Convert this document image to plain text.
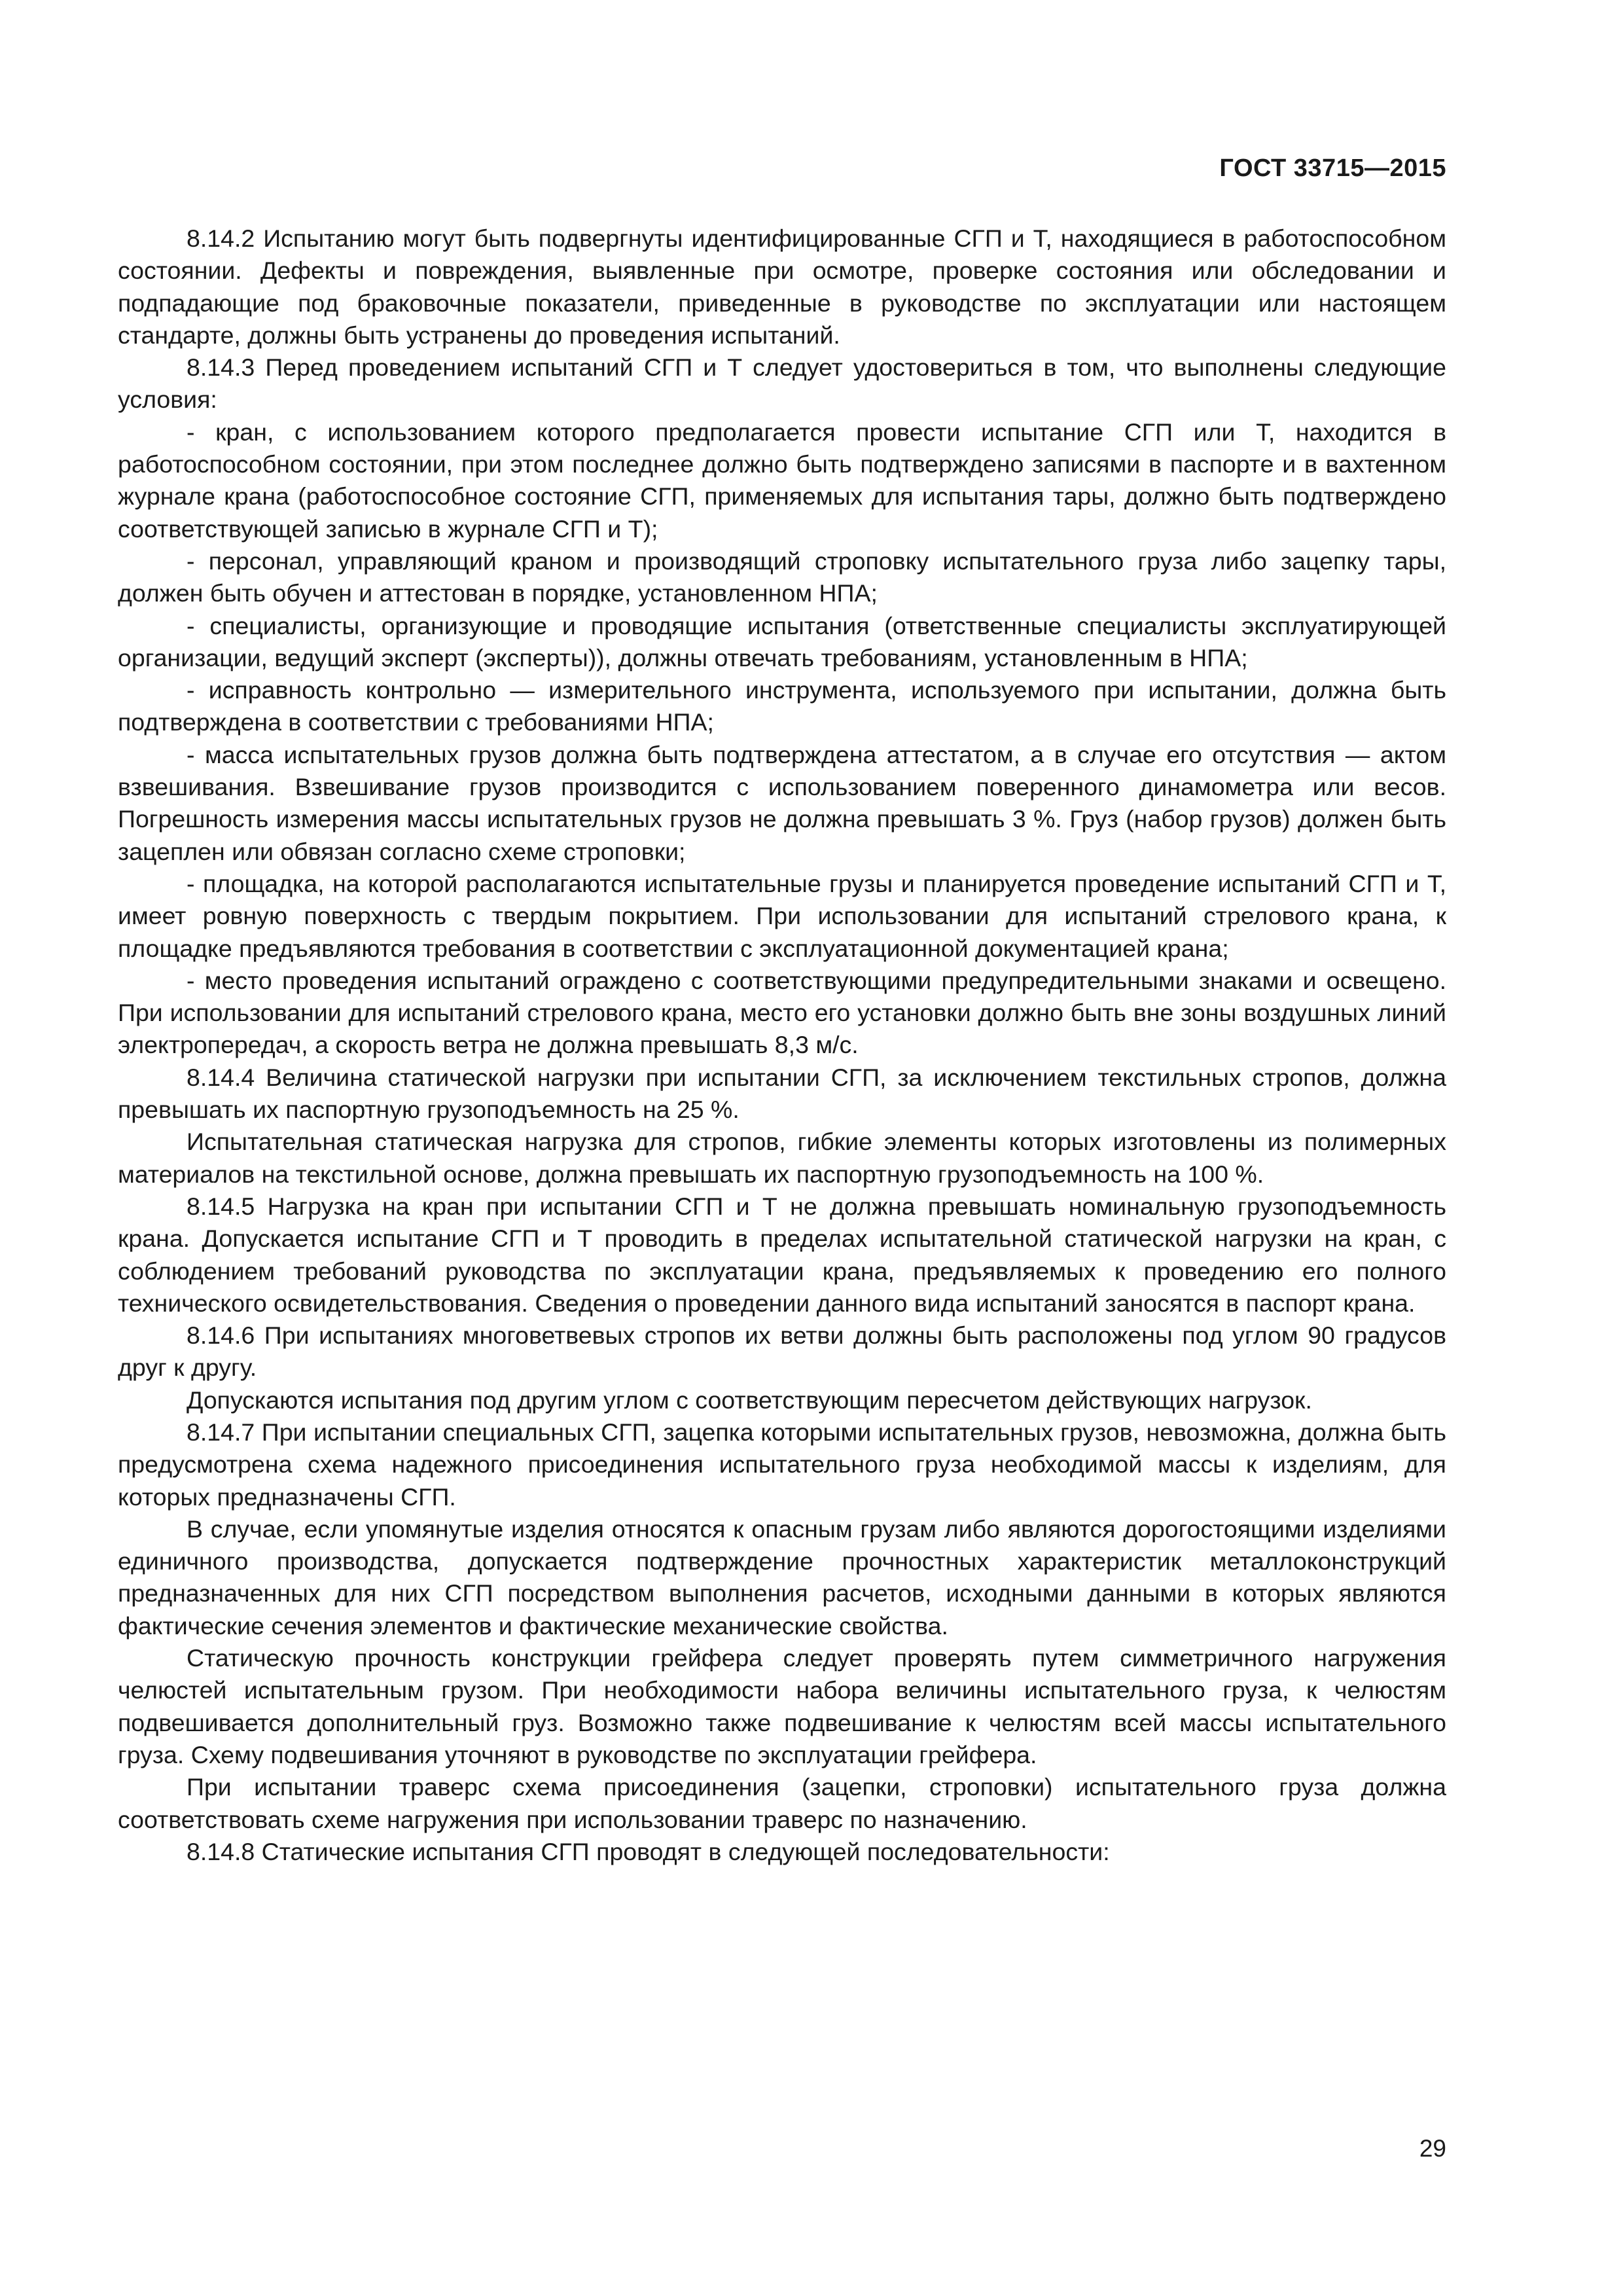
ГОСТ 33715—2015

8.14.2 Испытанию могут быть подвергнуты идентифицированные СГП и Т, находящиеся в работоспособном состоянии. Дефекты и повреждения, выявленные при осмотре, проверке состояния или обследовании и подпадающие под браковочные показатели, приведенные в руководстве по эксплуатации или настоящем стандарте, должны быть устранены до проведения испытаний.

8.14.3 Перед проведением испытаний СГП и Т следует удостовериться в том, что выполнены следующие условия:

- кран, с использованием которого предполагается провести испытание СГП или Т, находится в работоспособном состоянии, при этом последнее должно быть подтверждено записями в паспорте и в вахтенном журнале крана (работоспособное состояние СГП, применяемых для испытания тары, должно быть подтверждено соответствующей записью в журнале СГП и Т);

- персонал, управляющий краном и производящий строповку испытательного груза либо зацепку тары, должен быть обучен и аттестован в порядке, установленном НПА;

- специалисты, организующие и проводящие испытания (ответственные специалисты эксплуатирующей организации, ведущий эксперт (эксперты)), должны отвечать требованиям, установленным в НПА;

- исправность контрольно — измерительного инструмента, используемого при испытании, должна быть подтверждена в соответствии с требованиями НПА;

- масса испытательных грузов должна быть подтверждена аттестатом, а в случае его отсутствия — актом взвешивания. Взвешивание грузов производится с использованием поверенного динамометра или весов. Погрешность измерения массы испытательных грузов не должна превышать 3 %. Груз (набор грузов) должен быть зацеплен или обвязан согласно схеме строповки;

- площадка, на которой располагаются испытательные грузы и планируется проведение испытаний СГП и Т, имеет ровную поверхность с твердым покрытием. При использовании для испытаний стрелового крана, к площадке предъявляются требования в соответствии с эксплуатационной документацией крана;

- место проведения испытаний ограждено с соответствующими предупредительными знаками и освещено. При использовании для испытаний стрелового крана, место его установки должно быть вне зоны воздушных линий электропередач, а скорость ветра не должна превышать 8,3 м/с.

8.14.4 Величина статической нагрузки при испытании СГП, за исключением текстильных стропов, должна превышать их паспортную грузоподъемность на 25 %.

Испытательная статическая нагрузка для стропов, гибкие элементы которых изготовлены из полимерных материалов на текстильной основе, должна превышать их паспортную грузоподъемность на 100 %.

8.14.5 Нагрузка на кран при испытании СГП и Т не должна превышать номинальную грузоподъемность крана. Допускается испытание СГП и Т проводить в пределах испытательной статической нагрузки на кран, с соблюдением требований руководства по эксплуатации крана, предъявляемых к проведению его полного технического освидетельствования. Сведения о проведении данного вида испытаний заносятся в паспорт крана.

8.14.6 При испытаниях многоветвевых стропов их ветви должны быть расположены под углом 90 градусов друг к другу.

Допускаются испытания под другим углом с соответствующим пересчетом действующих нагрузок.

8.14.7 При испытании специальных СГП, зацепка которыми испытательных грузов, невозможна, должна быть предусмотрена схема надежного присоединения испытательного груза необходимой массы к изделиям, для которых предназначены СГП.

В случае, если упомянутые изделия относятся к опасным грузам либо являются дорогостоящими изделиями единичного производства, допускается подтверждение прочностных характеристик металлоконструкций предназначенных для них СГП посредством выполнения расчетов, исходными данными в которых являются фактические сечения элементов и фактические механические свойства.

Статическую прочность конструкции грейфера следует проверять путем симметричного нагружения челюстей испытательным грузом. При необходимости набора величины испытательного груза, к челюстям подвешивается дополнительный груз. Возможно также подвешивание к челюстям всей массы испытательного груза. Схему подвешивания уточняют в руководстве по эксплуатации грейфера.

При испытании траверс схема присоединения (зацепки, строповки) испытательного груза должна соответствовать схеме нагружения при использовании траверс по назначению.

8.14.8 Статические испытания СГП проводят в следующей последовательности:

29
